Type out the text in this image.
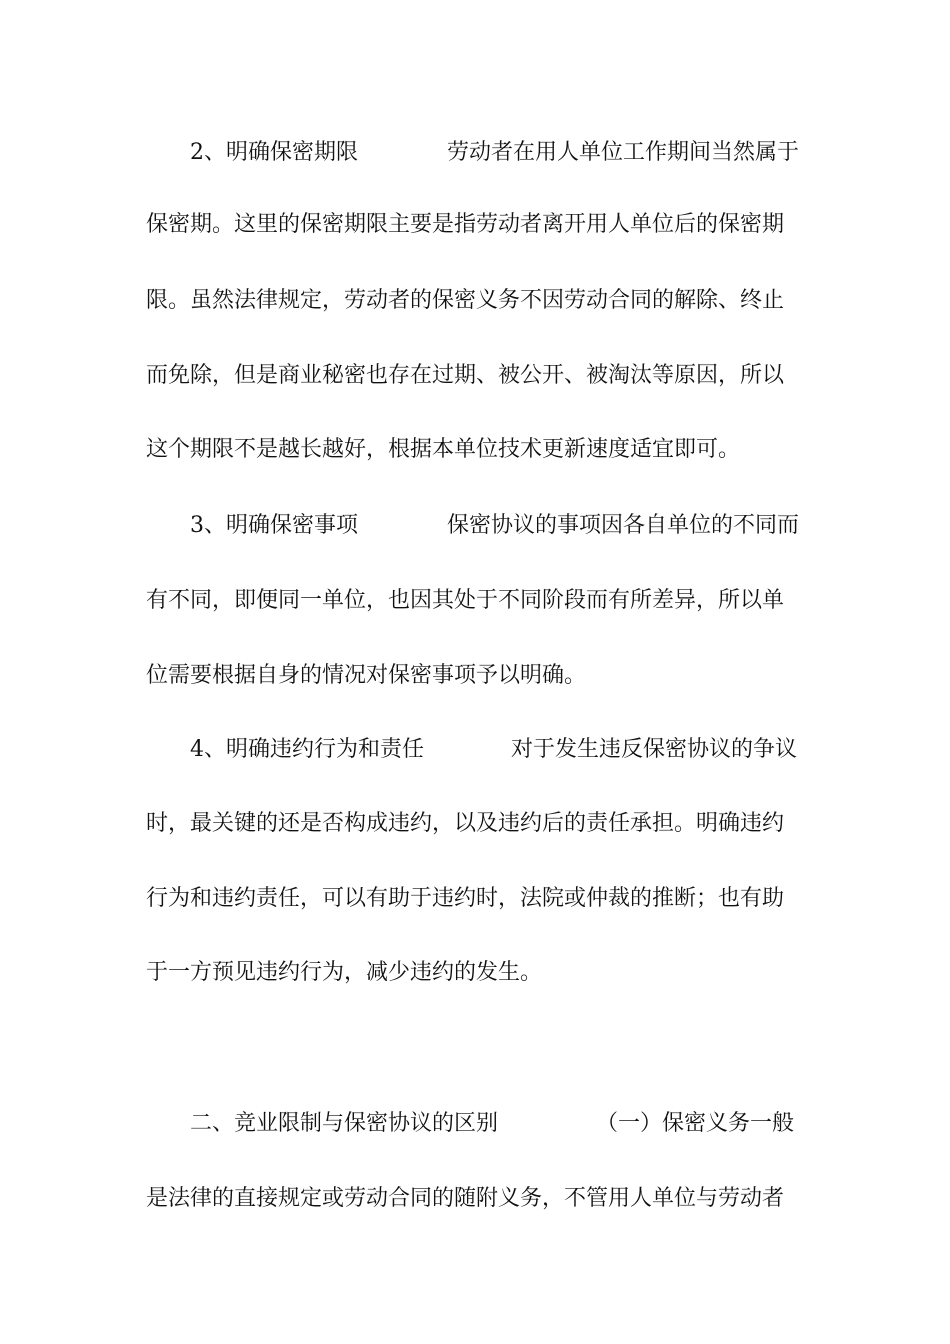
2、明确保密期限	劳动者在用人单位工作期间当然属于
保密期。这里的保密期限主要是指劳动者离开用人单位后的保密期
限。虽然法律规定，劳动者的保密义务不因劳动合同的解除、终止
而免除，但是商业秘密也存在过期、被公开、被淘汰等原因，所以
这个期限不是越长越好，根据本单位技术更新速度适宜即可。
3、明确保密事项	保密协议的事项因各自单位的不同而
有不同，即便同一单位，也因其处于不同阶段而有所差异，所以单
位需要根据自身的情况对保密事项予以明确。
4、明确违约行为和责任	对于发生违反保密协议的争议
时，最关键的还是否构成违约，以及违约后的责任承担。明确违约
行为和违约责任，可以有助于违约时，法院或仲裁的推断；也有助
于一方预见违约行为，减少违约的发生。
二、竞业限制与保密协议的区别	（一）保密义务一般
是法律的直接规定或劳动合同的随附义务，不管用人单位与劳动者
